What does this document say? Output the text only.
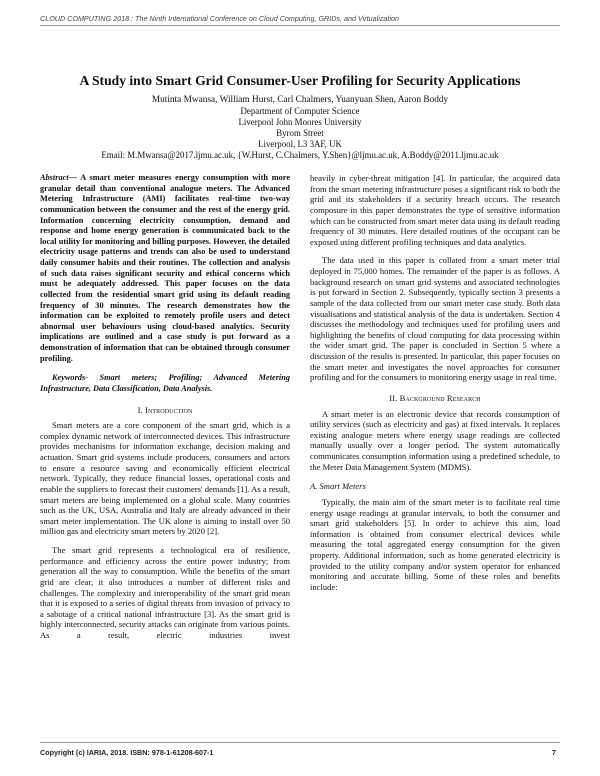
CLOUD COMPUTING 2018 : The Ninth International Conference on Cloud Computing, GRIDs, and Virtualization
A Study into Smart Grid Consumer-User Profiling for Security Applications
Mutinta Mwansa, William Hurst, Carl Chalmers, Yuanyuan Shen, Aaron Boddy
Department of Computer Science
Liverpool John Moores University
Byrom Street
Liverpool, L3 3AF, UK
Email: M.Mwansa@2017.ljmu.ac.uk, {W.Hurst, C.Chalmers, Y.Shen}@ljmu.ac.uk, A.Boddy@2011.ljmu.ac.uk

Abstract— A smart meter measures energy consumption with more granular detail than conventional analogue meters. The Advanced Metering Infrastructure (AMI) facilitates real-time two-way communication between the consumer and the rest of the energy grid. Information concerning electricity consumption, demand and response and home energy generation is communicated back to the local utility for monitoring and billing purposes. However, the detailed electricity usage patterns and trends can also be used to understand daily consumer habits and their routines. The collection and analysis of such data raises significant security and ethical concerns which must be adequately addressed. This paper focuses on the data collected from the residential smart grid using its default reading frequency of 30 minutes. The research demonstrates how the information can be exploited to remotely profile users and detect abnormal user behaviours using cloud-based analytics. Security implications are outlined and a case study is put forward as a demonstration of information that can be obtained through consumer profiling.

Keywords- Smart meters; Profiling; Advanced Metering Infrastructure, Data Classification, Data Analysis.

I. Introduction

Smart meters are a core component of the smart grid, which is a complex dynamic network of interconnected devices. This infrastructure provides mechanisms for information exchange, decision making and actuation. Smart grid systems include producers, consumers and actors to ensure a resource saving and economically efficient electrical network. Typically, they reduce financial losses, operational costs and enable the suppliers to forecast their customers' demands [1]. As a result, smart meters are being implemented on a global scale. Many countries such as the UK, USA, Australia and Italy are already advanced in their smart meter implementation. The UK alone is aiming to install over 50 million gas and electricity smart meters by 2020 [2].

The smart grid represents a technological era of resilience, performance and efficiency across the entire power industry; from generation all the way to consumption. While the benefits of the smart grid are clear, it also introduces a number of different risks and challenges. The complexity and interoperability of the smart grid mean that it is exposed to a series of digital threats from invasion of privacy to a sabotage of a critical national infrastructure [3]. As the smart grid is highly interconnected, security attacks can originate from various points. As a result, electric industries invest

heavily in cyber-threat mitigation [4]. In particular, the acquired data from the smart metering infrastructure poses a significant risk to both the grid and its stakeholders if a security breach occurs. The research composure in this paper demonstrates the type of sensitive information which can be constructed from smart meter data using its default reading frequency of 30 minutes. Here detailed routines of the occupant can be exposed using different profiling techniques and data analytics.

The data used in this paper is collated from a smart meter trial deployed in 75,000 homes. The remainder of the paper is as follows. A background research on smart grid systems and associated technologies is put forward in Section 2. Subsequently, typically section 3 presents a sample of the data collected from our smart meter case study. Both data visualisations and statistical analysis of the data is undertaken. Section 4 discusses the methodology and techniques used for profiling users and highlighting the benefits of cloud computing for data processing within the wider smart grid. The paper is concluded in Section 5 where a discussion of the results is presented. In particular, this paper focuses on the smart meter and investigates the novel approaches for consumer profiling and for the consumers to monitoring energy usage in real time.

II. Background Research

A smart meter is an electronic device that records consumption of utility services (such as electricity and gas) at fixed intervals. It replaces existing analogue meters where energy usage readings are collected manually usually over a longer period. The system automatically communicates consumption information using a predefined schedule, to the Meter Data Management System (MDMS).

A. Smart Meters

Typically, the main aim of the smart meter is to facilitate real time energy usage readings at granular intervals, to both the consumer and smart grid stakeholders [5]. In order to achieve this aim, load information is obtained from consumer electrical devices while measuring the total aggregated energy consumption for the given property. Additional information, such as home generated electricity is provided to the utility company and/or system operator for enhanced monitoring and accurate billing. Some of these roles and benefits include:

Copyright (c) IARIA, 2018. ISBN: 978-1-61208-607-1	7
